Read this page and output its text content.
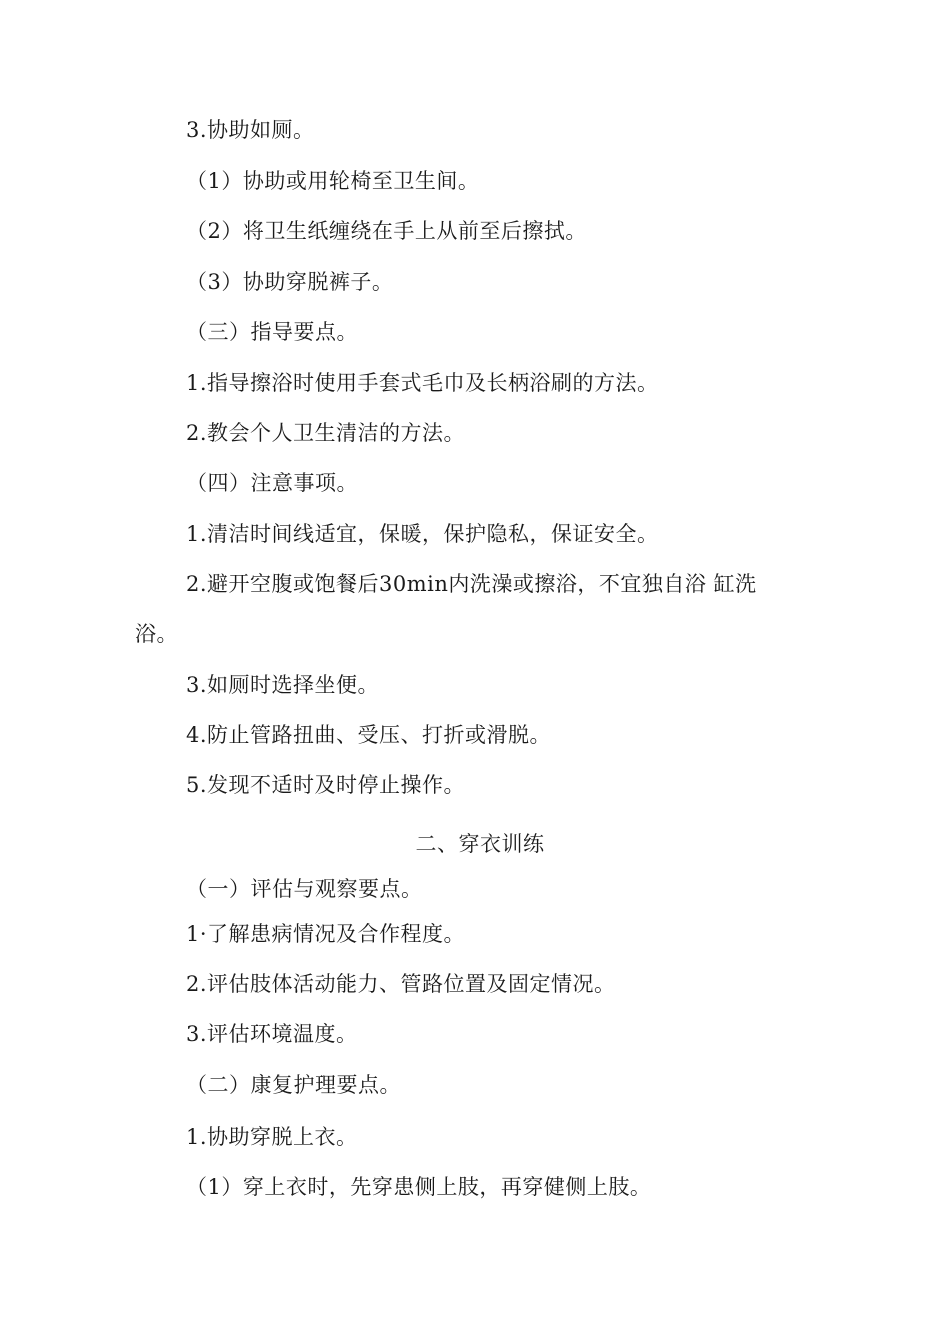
3.协助如厕。
（1）协助或用轮椅至卫生间。
（2）将卫生纸缠绕在手上从前至后擦拭。
（3）协助穿脱裤子。
（三）指导要点。
1.指导擦浴时使用手套式毛巾及长柄浴刷的方法。
2.教会个人卫生清洁的方法。
（四）注意事项。
1.清洁时间线适宜，保暖，保护隐私，保证安全。
2.避开空腹或饱餐后30min内洗澡或擦浴，不宜独自浴 缸洗
浴。
3.如厕时选择坐便。
4.防止管路扭曲、受压、打折或滑脱。
5.发现不适时及时停止操作。
二、穿衣训练
（一）评估与观察要点。
1·了解患病情况及合作程度。
2.评估肢体活动能力、管路位置及固定情况。
3.评估环境温度。
（二）康复护理要点。
1.协助穿脱上衣。
（1）穿上衣时，先穿患侧上肢，再穿健侧上肢。
